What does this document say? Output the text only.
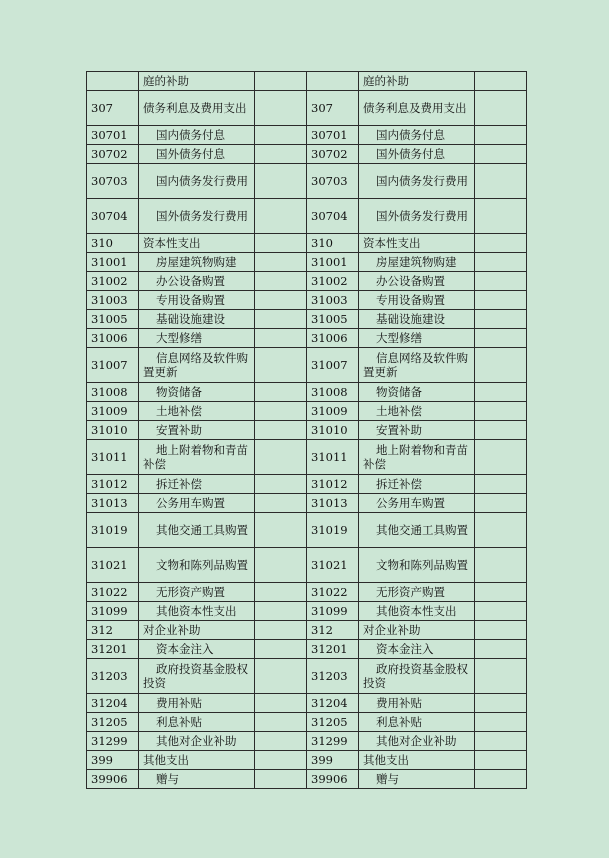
	庭的补助			庭的补助	
307	债务利息及费用支出		307	债务利息及费用支出	
30701	国内债务付息		30701	国内债务付息	
30702	国外债务付息		30702	国外债务付息	
30703	国内债务发行费用		30703	国内债务发行费用	
30704	国外债务发行费用		30704	国外债务发行费用	
310	资本性支出		310	资本性支出	
31001	房屋建筑物购建		31001	房屋建筑物购建	
31002	办公设备购置		31002	办公设备购置	
31003	专用设备购置		31003	专用设备购置	
31005	基础设施建设		31005	基础设施建设	
31006	大型修缮		31006	大型修缮	
31007	信息网络及软件购置更新		31007	信息网络及软件购置更新	
31008	物资储备		31008	物资储备	
31009	土地补偿		31009	土地补偿	
31010	安置补助		31010	安置补助	
31011	地上附着物和青苗补偿		31011	地上附着物和青苗补偿	
31012	拆迁补偿		31012	拆迁补偿	
31013	公务用车购置		31013	公务用车购置	
31019	其他交通工具购置		31019	其他交通工具购置	
31021	文物和陈列品购置		31021	文物和陈列品购置	
31022	无形资产购置		31022	无形资产购置	
31099	其他资本性支出		31099	其他资本性支出	
312	对企业补助		312	对企业补助	
31201	资本金注入		31201	资本金注入	
31203	政府投资基金股权投资		31203	政府投资基金股权投资	
31204	费用补贴		31204	费用补贴	
31205	利息补贴		31205	利息补贴	
31299	其他对企业补助		31299	其他对企业补助	
399	其他支出		399	其他支出	
39906	赠与		39906	赠与	
